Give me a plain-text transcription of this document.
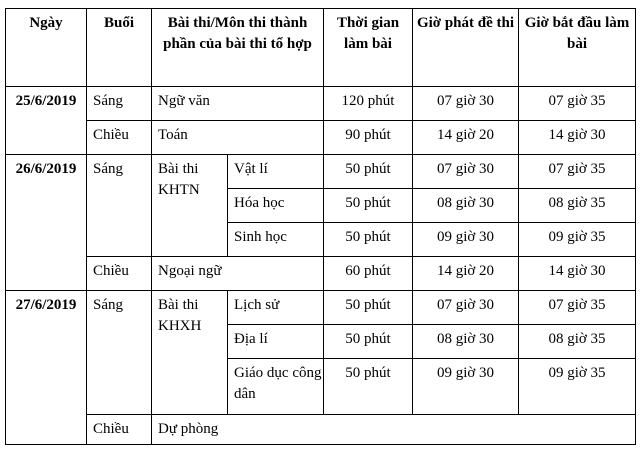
Ngày	Buổi	Bài thi/Môn thi thành phần của bài thi tổ hợp		Thời gian làm bài	Giờ phát đề thi	Giờ bắt đầu làm bài
25/6/2019	Sáng	Ngữ văn		120 phút	07 giờ 30	07 giờ 35
	Chiều	Toán		90 phút	14 giờ 20	14 giờ 30
26/6/2019	Sáng	Bài thi KHTN	Vật lí	50 phút	07 giờ 30	07 giờ 35
			Hóa học	50 phút	08 giờ 30	08 giờ 35
			Sinh học	50 phút	09 giờ 30	09 giờ 35
	Chiều	Ngoại ngữ		60 phút	14 giờ 20	14 giờ 30
27/6/2019	Sáng	Bài thi KHXH	Lịch sử	50 phút	07 giờ 30	07 giờ 35
			Địa lí	50 phút	08 giờ 30	08 giờ 35
			Giáo dục công dân	50 phút	09 giờ 30	09 giờ 35
	Chiều	Dự phòng				
